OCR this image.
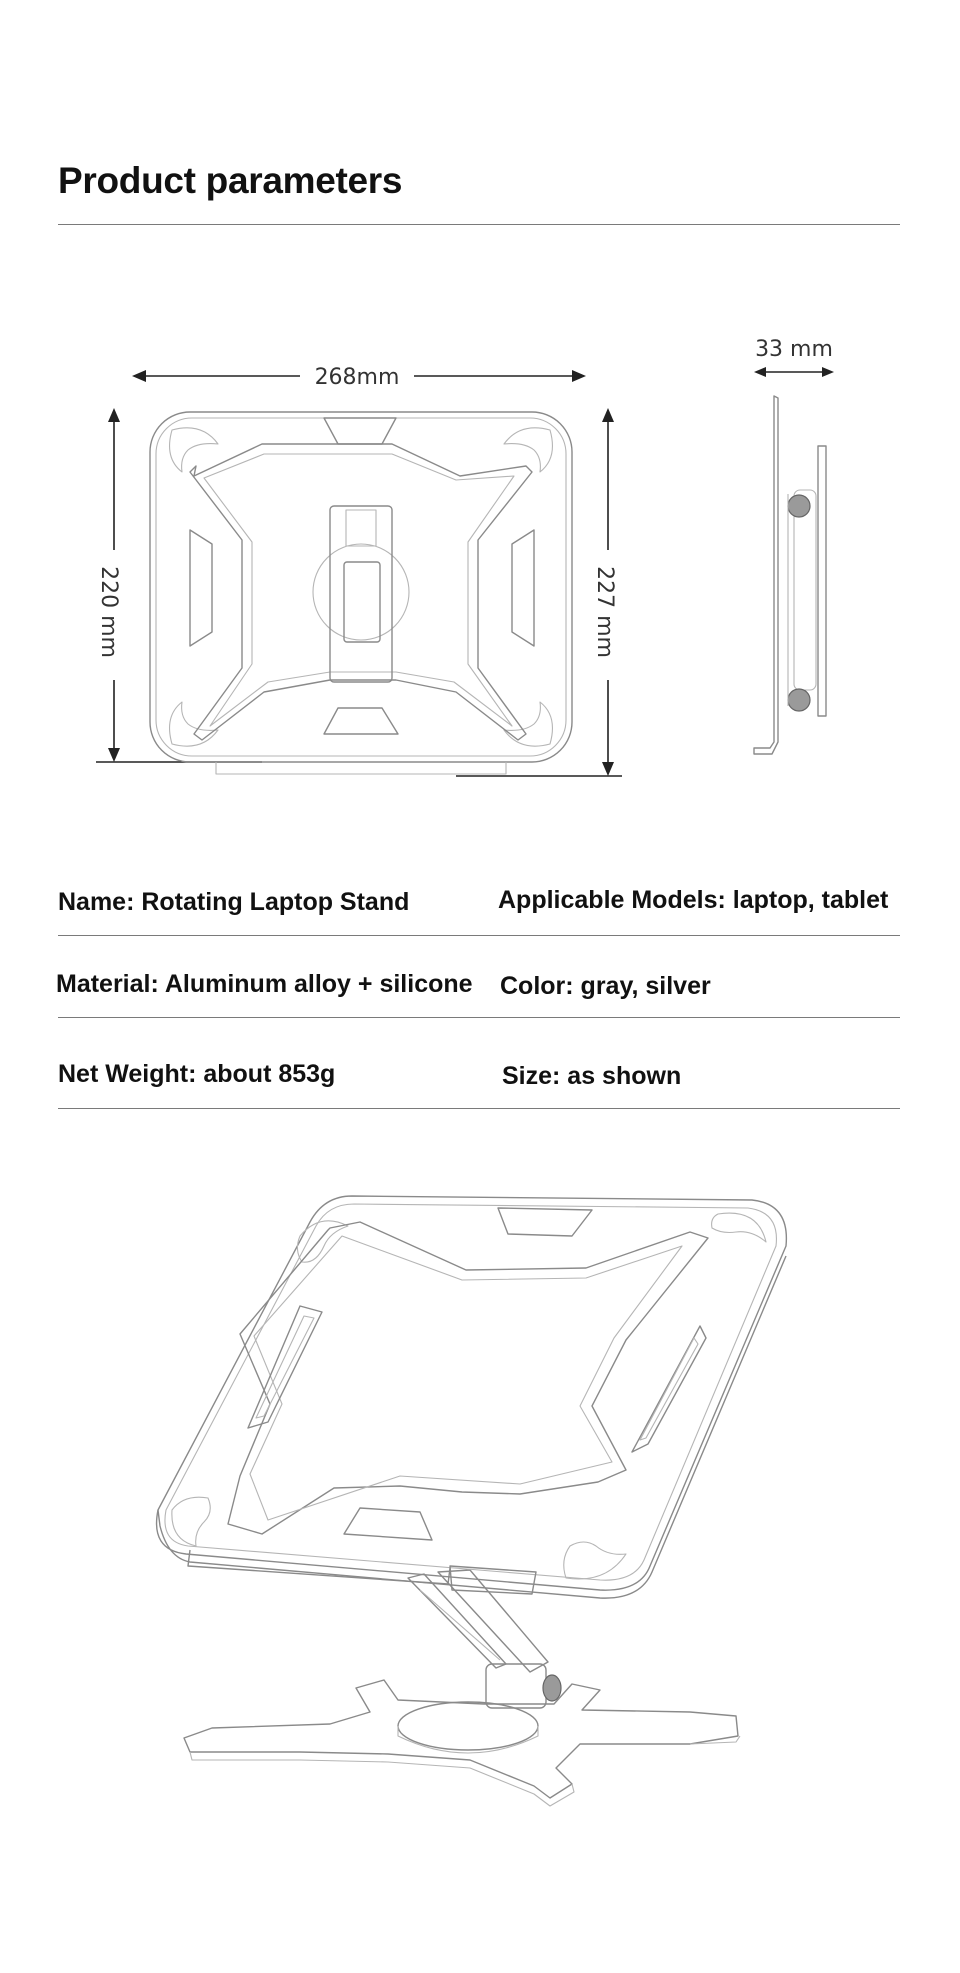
Product parameters
268mm
220 mm	227 mm
33 mm
Name: Rotating Laptop Stand	Applicable Models: laptop, tablet
Material: Aluminum alloy + silicone Color: gray, silver
Net Weight: about 853g	Size: as shown
